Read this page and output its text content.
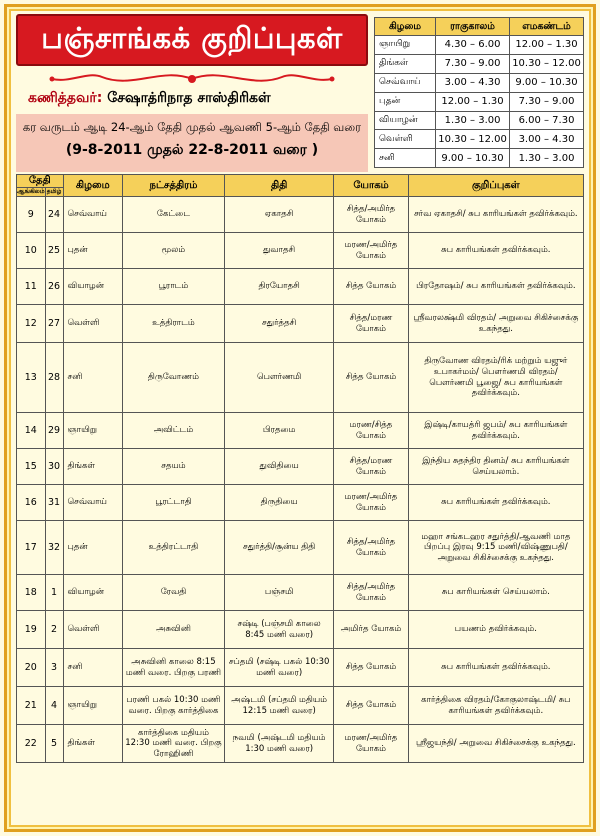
பஞ்சாங்கக் குறிப்புகள்
கணித்தவர்: சேஷாத்ரிநாத சாஸ்திரிகள்
கர வருடம் ஆடி 24-ஆம் தேதி முதல் ஆவணி 5-ஆம் தேதி வரை
(9-8-2011 முதல் 22-8-2011 வரை )
கிழமை	ராகுகாலம்	எமகண்டம்
ஞாயிறு	4.30 – 6.00	12.00 – 1.30
திங்கள்	7.30 – 9.00	10.30 – 12.00
செவ்வாய்	3.00 – 4.30	9.00 – 10.30
புதன்	12.00 – 1.30	7.30 – 9.00
வியாழன்	1.30 – 3.00	6.00 – 7.30
வெள்ளி	10.30 – 12.00	3.00 – 4.30
சனி	9.00 – 10.30	1.30 – 3.00
தேதி		கிழமை	நட்சத்திரம்	திதி	யோகம்	குறிப்புகள்
ஆங்கிலம்	தமிழ்					
9	24	செவ்வாய்	கேட்டை	ஏகாதசி	சித்த/அமிர்த யோகம்	சர்வ ஏகாதசி/ சுப காரியங்கள் தவிர்க்கவும்.
10	25	புதன்	மூலம்	துவாதசி	மரண/அமிர்த யோகம்	சுப காரியங்கள் தவிர்க்கவும்.
11	26	வியாழன்	பூராடம்	திரயோதசி	சித்த யோகம்	பிரதோஷம்/ சுப காரியங்கள் தவிர்க்கவும்.
12	27	வெள்ளி	உத்திராடம்	சதுர்த்தசி	சித்த/மரண யோகம்	ஸ்ரீவரலக்ஷ்மி விரதம்/ அறுவை சிகிச்சைக்கு உகந்தது.
13	28	சனி	திருவோணம்	பௌர்ணமி	சித்த யோகம்	திருவோண விரதம்/ரிக் மற்றும் யஜுர் உபாகர்மம்/ பௌர்ணமி விரதம்/ பௌர்ணமி பூஜை/ சுப காரியங்கள் தவிர்க்கவும்.
14	29	ஞாயிறு	அவிட்டம்	பிரதமை	மரண/சித்த யோகம்	இஷ்டி/காயத்ரி ஜபம்/ சுப காரியங்கள் தவிர்க்கவும்.
15	30	திங்கள்	சதயம்	துவிதியை	சித்த/மரண யோகம்	இந்திய சுதந்திர தினம்/ சுப காரியங்கள் செய்யலாம்.
16	31	செவ்வாய்	பூரட்டாதி	திருதியை	மரண/அமிர்த யோகம்	சுப காரியங்கள் தவிர்க்கவும்.
17	32	புதன்	உத்திரட்டாதி	சதுர்த்தி/சூன்ய திதி	சித்த/அமிர்த யோகம்	மஹா சங்கடஹர சதுர்த்தி/ஆவணி மாத பிறப்பு இரவு 9:15 மணி/விஷ்ணுபதி/ அறுவை சிகிச்சைக்கு உகந்தது.
18	1	வியாழன்	ரேவதி	பஞ்சமி	சித்த/அமிர்த யோகம்	சுப காரியங்கள் செய்யலாம்.
19	2	வெள்ளி	அசுவினி	சஷ்டி (பஞ்சமி காலை 8:45 மணி வரை)	அமிர்த யோகம்	பயணம் தவிர்க்கவும்.
20	3	சனி	அசுவினி காலை 8:15 மணி வரை. பிறகு பரணி	சப்தமி (சஷ்டி பகல் 10:30 மணி வரை)	சித்த யோகம்	சுப காரியங்கள் தவிர்க்கவும்.
21	4	ஞாயிறு	பரணி பகல் 10:30 மணி வரை. பிறகு கார்த்திகை	அஷ்டமி (சப்தமி மதியம் 12:15 மணி வரை)	சித்த யோகம்	கார்த்திகை விரதம்/கோகுலாஷ்டமி/ சுப காரியங்கள் தவிர்க்கவும்.
22	5	திங்கள்	கார்த்திகை மதியம் 12:30 மணி வரை. பிறகு ரோஹிணி	நவமி (அஷ்டமி மதியம் 1:30 மணி வரை)	மரண/அமிர்த யோகம்	ஸ்ரீஜயந்தி/ அறுவை சிகிச்சைக்கு உகந்தது.
